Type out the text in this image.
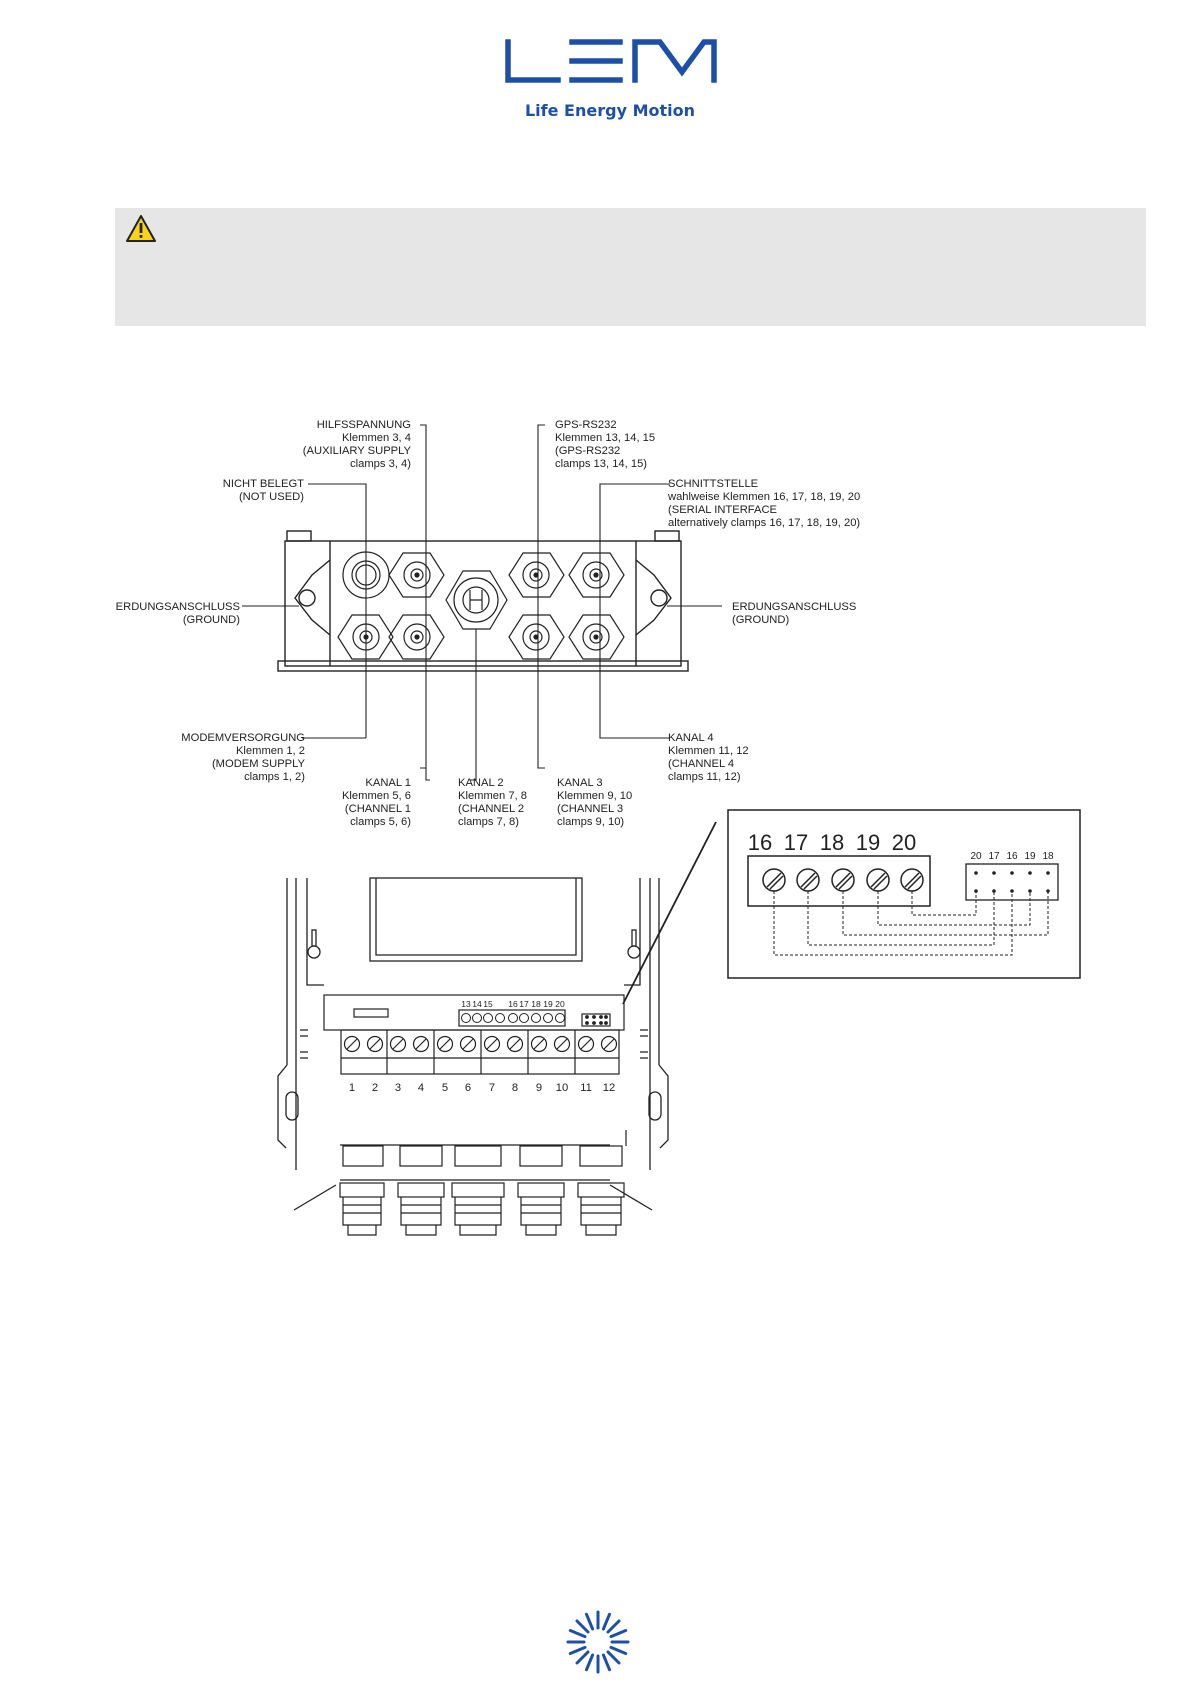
Life Energy Motion
HILFSSPANNUNG
Klemmen 3, 4
(AUXILIARY SUPPLY
clamps 3, 4)
NICHT BELEGT
(NOT USED)
GPS-RS232
Klemmen 13, 14, 15
(GPS-RS232
clamps 13, 14, 15)
SCHNITTSTELLE
wahlweise Klemmen 16, 17, 18, 19, 20
(SERIAL INTERFACE
alternatively clamps 16, 17, 18, 19, 20)
ERDUNGSANSCHLUSS
(GROUND)
ERDUNGSANSCHLUSS
(GROUND)
MODEMVERSORGUNG
Klemmen 1, 2
(MODEM SUPPLY
clamps 1, 2)
KANAL 4
Klemmen 11, 12
(CHANNEL 4
clamps 11, 12)
KANAL 1
Klemmen 5, 6
(CHANNEL 1
clamps 5, 6)
KANAL 2
Klemmen 7, 8
(CHANNEL 2
clamps 7, 8)
KANAL 3
Klemmen 9, 10
(CHANNEL 3
clamps 9, 10)
16 17 18 19 20
20 17 16 19 18
13 14 15 16 17 18 19 20
1 2 3 4 5 6 7 8 9 10 11 12
